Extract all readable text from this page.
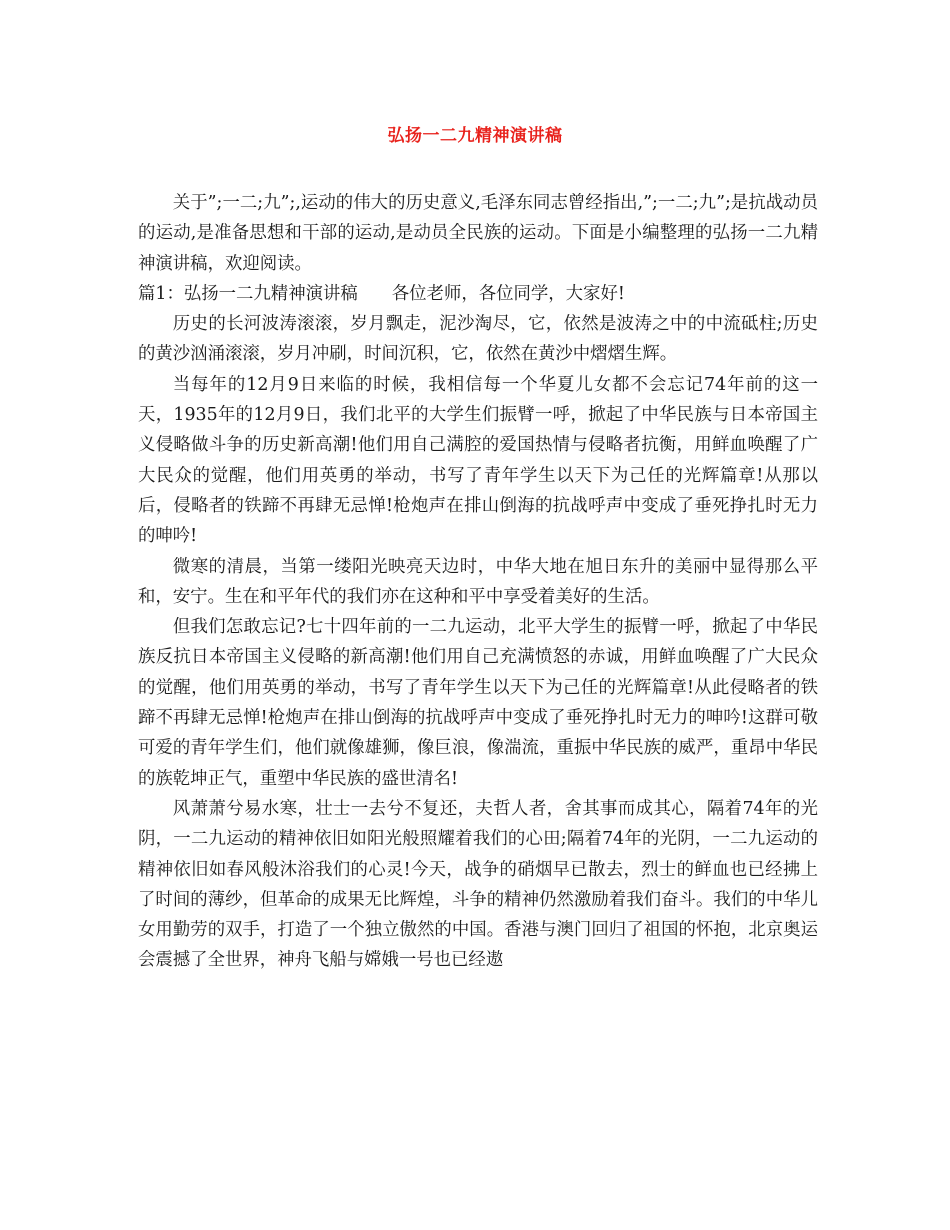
弘扬一二九精神演讲稿

关于”;一二;九”;,运动的伟大的历史意义,毛泽东同志曾经指出,”;一二;九”;是抗战动员的运动,是准备思想和干部的运动,是动员全民族的运动。下面是小编整理的弘扬一二九精神演讲稿，欢迎阅读。

篇1：弘扬一二九精神演讲稿 各位老师，各位同学，大家好!

历史的长河波涛滚滚，岁月飘走，泥沙淘尽，它，依然是波涛之中的中流砥柱;历史的黄沙汹涌滚滚，岁月冲刷，时间沉积，它，依然在黄沙中熠熠生辉。

当每年的12月9日来临的时候，我相信每一个华夏儿女都不会忘记74年前的这一天，1935年的12月9日，我们北平的大学生们振臂一呼，掀起了中华民族与日本帝国主义侵略做斗争的历史新高潮!他们用自己满腔的爱国热情与侵略者抗衡，用鲜血唤醒了广大民众的觉醒，他们用英勇的举动，书写了青年学生以天下为己任的光辉篇章!从那以后，侵略者的铁蹄不再肆无忌惮!枪炮声在排山倒海的抗战呼声中变成了垂死挣扎时无力的呻吟!

微寒的清晨，当第一缕阳光映亮天边时，中华大地在旭日东升的美丽中显得那么平和，安宁。生在和平年代的我们亦在这种和平中享受着美好的生活。

但我们怎敢忘记?七十四年前的一二九运动，北平大学生的振臂一呼，掀起了中华民族反抗日本帝国主义侵略的新高潮!他们用自己充满愤怒的赤诚，用鲜血唤醒了广大民众的觉醒，他们用英勇的举动，书写了青年学生以天下为己任的光辉篇章!从此侵略者的铁蹄不再肆无忌惮!枪炮声在排山倒海的抗战呼声中变成了垂死挣扎时无力的呻吟!这群可敬可爱的青年学生们，他们就像雄狮，像巨浪，像湍流，重振中华民族的威严，重昂中华民的族乾坤正气，重塑中华民族的盛世清名!

风萧萧兮易水寒，壮士一去兮不复还，夫哲人者，舍其事而成其心，隔着74年的光阴，一二九运动的精神依旧如阳光般照耀着我们的心田;隔着74年的光阴，一二九运动的精神依旧如春风般沐浴我们的心灵!今天，战争的硝烟早已散去，烈士的鲜血也已经拂上了时间的薄纱，但革命的成果无比辉煌，斗争的精神仍然激励着我们奋斗。我们的中华儿女用勤劳的双手，打造了一个独立傲然的中国。香港与澳门回归了祖国的怀抱，北京奥运会震撼了全世界，神舟飞船与嫦娥一号也已经遨
